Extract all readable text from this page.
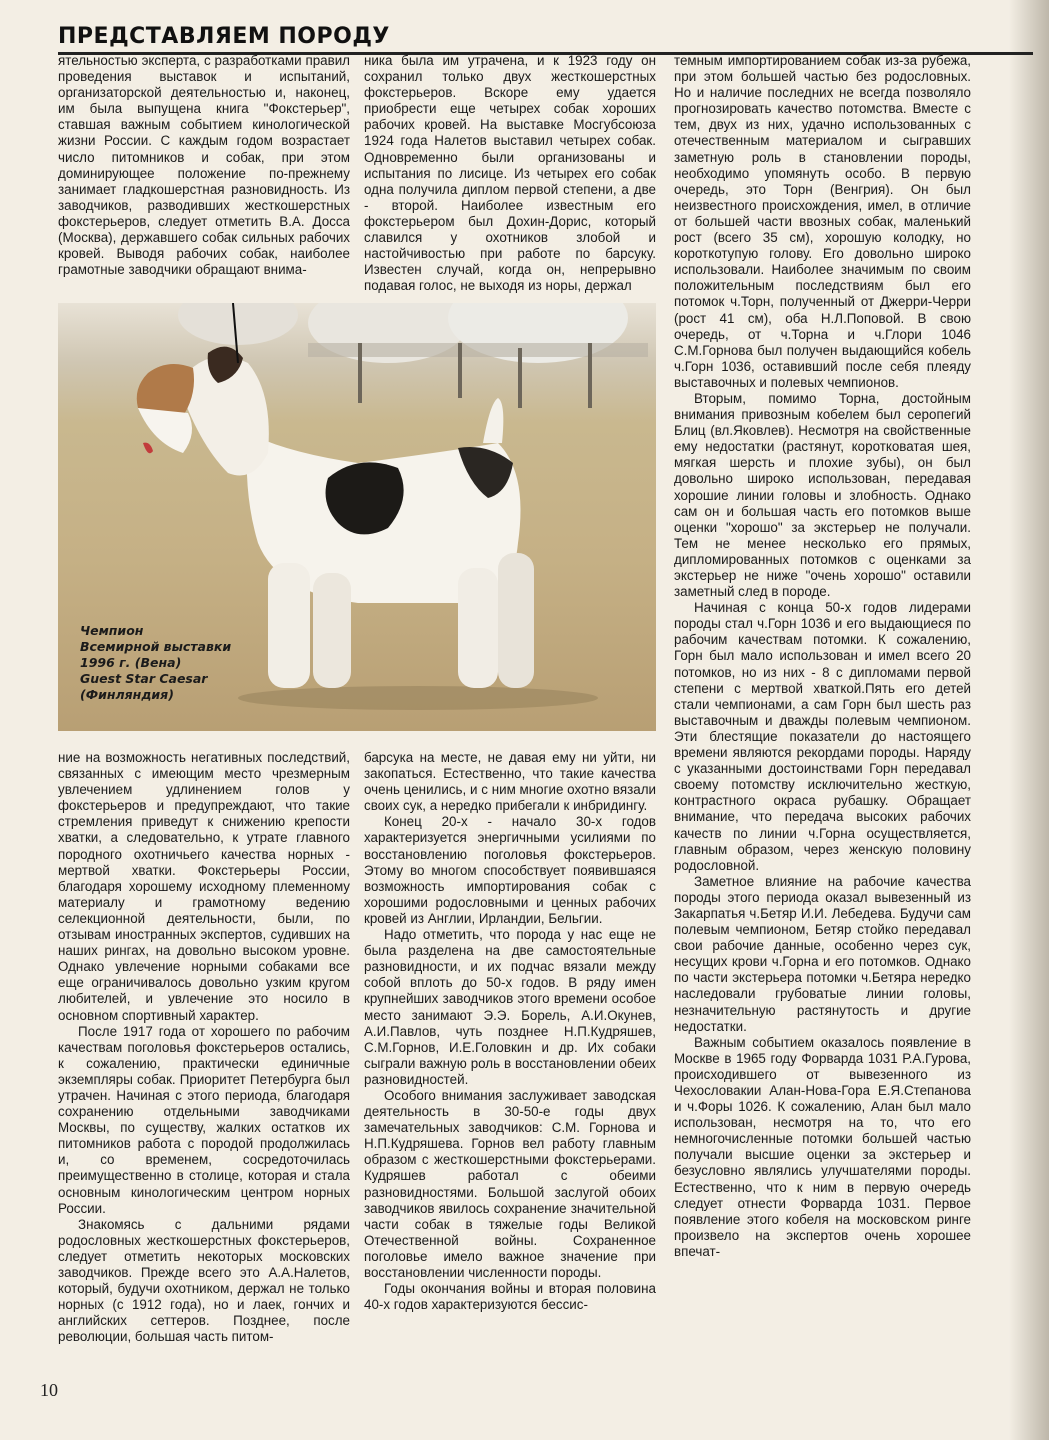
ПРЕДСТАВЛЯЕМ ПОРОДУ

ятельностью эксперта, с разработками правил проведения выставок и испытаний, организаторской деятельностью и, наконец, им была выпущена книга "Фокстерьер", ставшая важным событием кинологической жизни России. С каждым годом возрастает число питомников и собак, при этом доминирующее положение по-прежнему занимает гладкошерстная разновидность. Из заводчиков, разводивших жесткошерстных фокстерьеров, следует отметить В.А. Досса (Москва), державшего собак сильных рабочих кровей. Выводя рабочих собак, наиболее грамотные заводчики обращают внима-

ника была им утрачена, и к 1923 году он сохранил только двух жесткошерстных фокстерьеров. Вскоре ему удается приобрести еще четырех собак хороших рабочих кровей. На выставке Мосгубсоюза 1924 года Налетов выставил четырех собак. Одновременно были организованы и испытания по лисице. Из четырех его собак одна получила диплом первой степени, а две - второй. Наиболее известным его фокстерьером был Дохин-Дорис, который славился у охотников злобой и настойчивостью при работе по барсуку. Известен случай, когда он, непрерывно подавая голос, не выходя из норы, держал

темным импортированием собак из-за рубежа, при этом большей частью без родословных. Но и наличие последних не всегда позволяло прогнозировать качество потомства. Вместе с тем, двух из них, удачно использованных с отечественным материалом и сыгравших заметную роль в становлении породы, необходимо упомянуть особо. В первую очередь, это Торн (Венгрия). Он был неизвестного происхождения, имел, в отличие от большей части ввозных собак, маленький рост (всего 35 см), хорошую колодку, но короткотупую голову. Его довольно широко использовали. Наиболее значимым по своим положительным последствиям был его потомок ч.Торн, полученный от Джерри-Черри (рост 41 см), оба Н.Л.Поповой. В свою очередь, от ч.Торна и ч.Глори 1046 С.М.Горнова был получен выдающийся кобель ч.Горн 1036, оставивший после себя плеяду выставочных и полевых чемпионов.

Вторым, помимо Торна, достойным внимания привозным кобелем был серопегий Блиц (вл.Яковлев). Несмотря на свойственные ему недостатки (растянут, коротковатая шея, мягкая шерсть и плохие зубы), он был довольно широко использован, передавая хорошие линии головы и злобность. Однако сам он и большая часть его потомков выше оценки "хорошо" за экстерьер не получали. Тем не менее несколько его прямых, дипломированных потомков с оценками за экстерьер не ниже "очень хорошо" оставили заметный след в породе.

Начиная с конца 50-х годов лидерами породы стал ч.Горн 1036 и его выдающиеся по рабочим качествам потомки. К сожалению, Горн был мало использован и имел всего 20 потомков, но из них - 8 с дипломами первой степени с мертвой хваткой.Пять его детей стали чемпионами, а сам Горн был шесть раз выставочным и дважды полевым чемпионом. Эти блестящие показатели до настоящего времени являются рекордами породы. Наряду с указанными достоинствами Горн передавал своему потомству исключительно жесткую, контрастного окраса рубашку. Обращает внимание, что передача высоких рабочих качеств по линии ч.Горна осуществляется, главным образом, через женскую половину родословной.

Заметное влияние на рабочие качества породы этого периода оказал вывезенный из Закарпатья ч.Бетяр И.И. Лебедева. Будучи сам полевым чемпионом, Бетяр стойко передавал свои рабочие данные, особенно через сук, несущих крови ч.Горна и его потомков. Однако по части экстерьера потомки ч.Бетяра нередко наследовали грубоватые линии головы, незначительную растянутость и другие недостатки.

Важным событием оказалось появление в Москве в 1965 году Форварда 1031 Р.А.Гурова, происходившего от вывезенного из Чехословакии Алан-Нова-Гора Е.Я.Степанова и ч.Форы 1026. К сожалению, Алан был мало использован, несмотря на то, что его немногочисленные потомки большей частью получали высшие оценки за экстерьер и безусловно являлись улучшателями породы. Естественно, что к ним в первую очередь следует отнести Форварда 1031. Первое появление этого кобеля на московском ринге произвело на экспертов очень хорошее впечат-

Чемпион
Всемирной выставки
1996 г. (Вена)
Guest Star Caesar
(Финляндия)

ние на возможность негативных последствий, связанных с имеющим место чрезмерным увлечением удлинением голов у фокстерьеров и предупреждают, что такие стремления приведут к снижению крепости хватки, а следовательно, к утрате главного породного охотничьего качества норных - мертвой хватки. Фокстерьеры России, благодаря хорошему исходному племенному материалу и грамотному ведению селекционной деятельности, были, по отзывам иностранных экспертов, судивших на наших рингах, на довольно высоком уровне. Однако увлечение норными собаками все еще ограничивалось довольно узким кругом любителей, и увлечение это носило в основном спортивный характер.

После 1917 года от хорошего по рабочим качествам поголовья фокстерьеров остались, к сожалению, практически единичные экземпляры собак. Приоритет Петербурга был утрачен. Начиная с этого периода, благодаря сохранению отдельными заводчиками Москвы, по существу, жалких остатков их питомников работа с породой продолжилась и, со временем, сосредоточилась преимущественно в столице, которая и стала основным кинологическим центром норных России.

Знакомясь с дальними рядами родословных жесткошерстных фокстерьеров, следует отметить некоторых московских заводчиков. Прежде всего это А.А.Налетов, который, будучи охотником, держал не только норных (с 1912 года), но и лаек, гончих и английских сеттеров. Позднее, после революции, большая часть питом-

барсука на месте, не давая ему ни уйти, ни закопаться. Естественно, что такие качества очень ценились, и с ним многие охотно вязали своих сук, а нередко прибегали к инбридингу.

Конец 20-х - начало 30-х годов характеризуется энергичными усилиями по восстановлению поголовья фокстерьеров. Этому во многом способствует появившаяся возможность импортирования собак с хорошими родословными и ценных рабочих кровей из Англии, Ирландии, Бельгии.

Надо отметить, что порода у нас еще не была разделена на две самостоятельные разновидности, и их подчас вязали между собой вплоть до 50-х годов. В ряду имен крупнейших заводчиков этого времени особое место занимают Э.Э. Борель, А.И.Окунев, А.И.Павлов, чуть позднее Н.П.Кудряшев, С.М.Горнов, И.Е.Головкин и др. Их собаки сыграли важную роль в восстановлении обеих разновидностей.

Особого внимания заслуживает заводская деятельность в 30-50-е годы двух замечательных заводчиков: С.М. Горнова и Н.П.Кудряшева. Горнов вел работу главным образом с жесткошерстными фокстерьерами. Кудряшев работал с обеими разновидностями. Большой заслугой обоих заводчиков явилось сохранение значительной части собак в тяжелые годы Великой Отечественной войны. Сохраненное поголовье имело важное значение при восстановлении численности породы.

Годы окончания войны и вторая половина 40-х годов характеризуются бессис-

10
